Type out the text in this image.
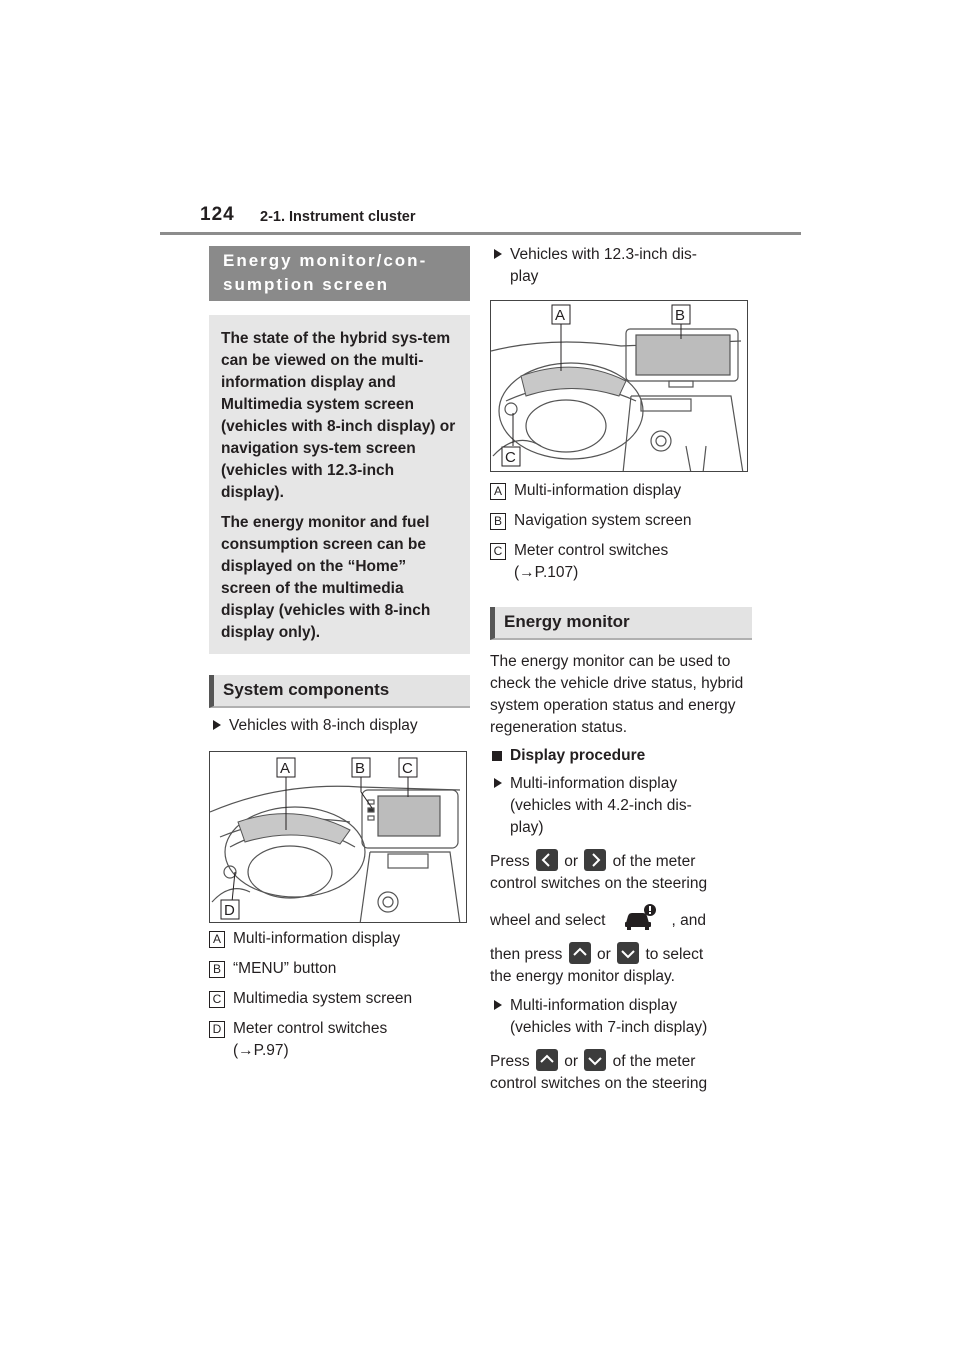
124 2-1. Instrument cluster
Energy monitor/con-
sumption screen

The state of the hybrid sys-tem can be viewed on the multi-information display and Multimedia system screen (vehicles with 8-inch display) or navigation sys-tem screen (vehicles with 12.3-inch display).

The energy monitor and fuel consumption screen can be displayed on the “Home” screen of the multimedia display (vehicles with 8-inch display only).

System components
Vehicles with 8-inch display
A	B C
D
A Multi-information display
B “MENU” button
C Multimedia system screen
D Meter control switches
(→P.97)
Vehicles with 12.3-inch dis-
play
A	B
C
A Multi-information display
B Navigation system screen
C Meter control switches
(→P.107)
Energy monitor
The energy monitor can be used to check the vehicle drive status, hybrid system operation status and energy regeneration status.
Display procedure
Multi-information display
(vehicles with 4.2-inch dis-
play)
Press or of the meter
control switches on the steering
wheel and select	, and
then press or to select
the energy monitor display.
Multi-information display
(vehicles with 7-inch display)
Press or of the meter
control switches on the steering
